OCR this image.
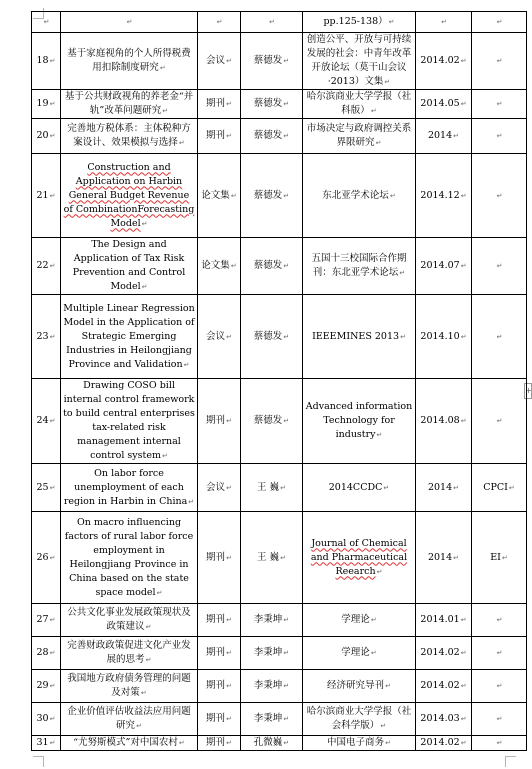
+
↵	↵	↵	↵	pp.125-138）↵	↵	↵
18↵	基于家庭视角的个人所得税费用扣除制度研究↵	会议↵	蔡德发↵	创造公平、开放与可持续发展的社会：中青年改革开放论坛（莫干山会议·2013）文集↵	2014.02↵	↵
19↵	基于公共财政视角的养老金“并轨”改革问题研究↵	期刊↵	蔡德发↵	哈尔滨商业大学学报（社科版）↵	2014.05↵	↵
20↵	完善地方税体系：主体税种方案设计、效果模拟与选择↵	期刊↵	蔡德发↵	市场决定与政府调控关系界限研究↵	2014↵	↵
21↵	Construction and Application on Harbin General Budget Revenue of CombinationForecasting Model↵	论文集↵	蔡德发↵	东北亚学术论坛↵	2014.12↵	↵
22↵	The Design and Application of Tax Risk Prevention and Control Model↵	论文集↵	蔡德发↵	五国十三校国际合作期刊：东北亚学术论坛↵	2014.07↵	↵
23↵	Multiple Linear Regression Model in the Application of Strategic Emerging Industries in Heilongjiang Province and Validation↵	会议↵	蔡德发↵	IEEEMINES 2013↵	2014.10↵	↵
24↵	Drawing COSO bill internal control framework to build central enterprises tax-related risk management internal control system↵	期刊↵	蔡德发↵	Advanced information Technology for industry↵	2014.08↵	↵
25↵	On labor force unemployment of each region in Harbin in China↵	会议↵	王 巍↵	2014CCDC↵	2014↵	CPCI↵
26↵	On macro influencing factors of rural labor force employment in Heilongjiang Province in China based on the state space model↵	期刊↵	王 巍↵	Journal of Chemical and Pharmaceutical Reearch↵	2014↵	EI↵
27↵	公共文化事业发展政策现状及政策建议↵	期刊↵	李秉坤↵	学理论↵	2014.01↵	↵
28↵	完善财政政策促进文化产业发展的思考↵	期刊↵	李秉坤↵	学理论↵	2014.02↵	↵
29↵	我国地方政府债务管理的问题及对策↵	期刊↵	李秉坤↵	经济研究导刊↵	2014.02↵	↵
30↵	企业价值评估收益法应用问题研究↵	期刊↵	李秉坤↵	哈尔滨商业大学学报（社会科学版）↵	2014.03↵	↵
31↵	“尤努斯模式”对中国农村↵	期刊↵	孔微巍↵	中国电子商务↵	2014.02↵	↵
